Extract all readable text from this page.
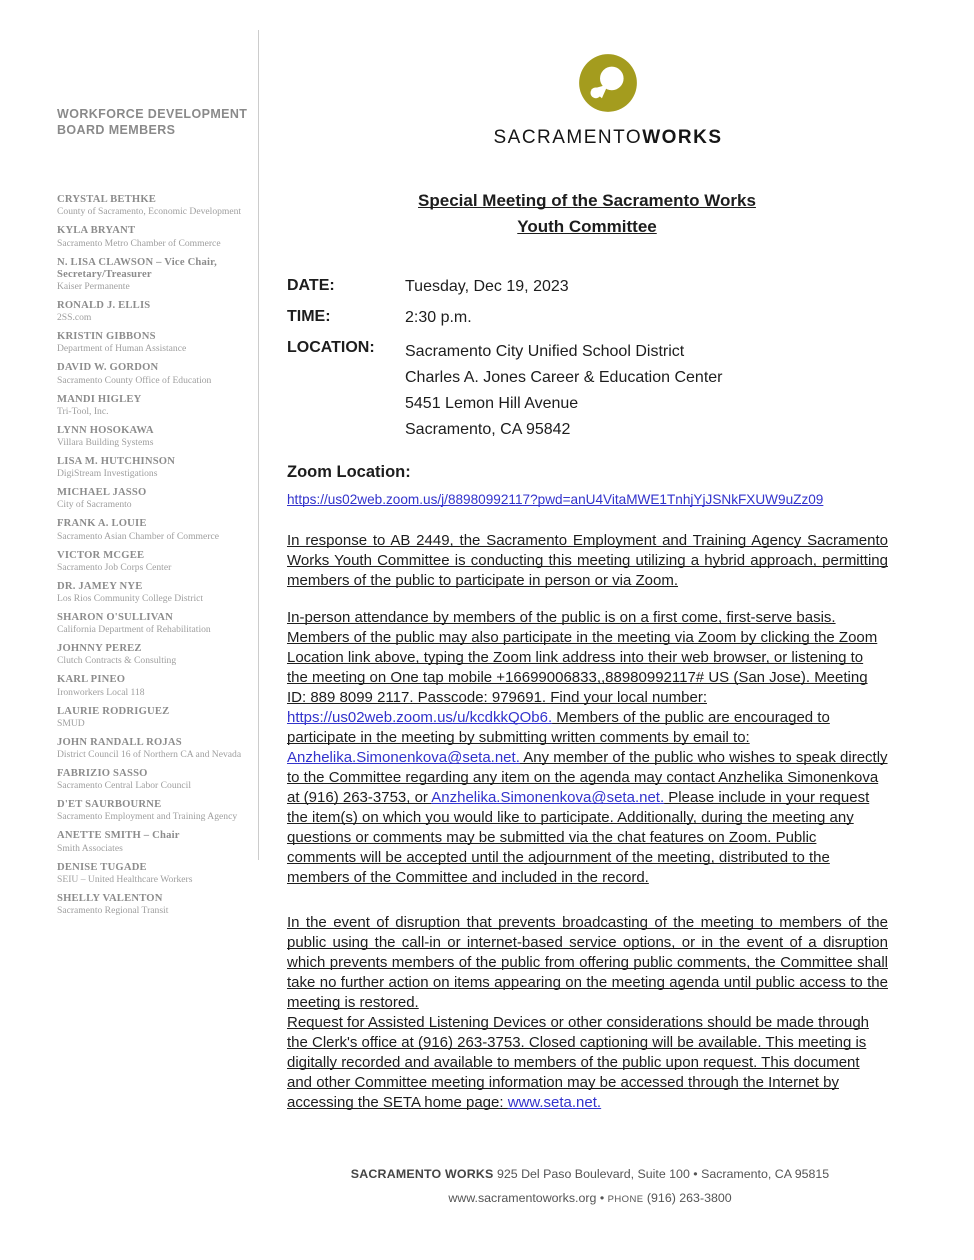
WORKFORCE DEVELOPMENT
BOARD MEMBERS
CRYSTAL BETHKE
County of Sacramento, Economic Development
KYLA BRYANT
Sacramento Metro Chamber of Commerce
N. LISA CLAWSON – Vice Chair, Secretary/Treasurer
Kaiser Permanente
RONALD J. ELLIS
2SS.com
KRISTIN GIBBONS
Department of Human Assistance
DAVID W. GORDON
Sacramento County Office of Education
MANDI HIGLEY
Tri-Tool, Inc.
LYNN HOSOKAWA
Villara Building Systems
LISA M. HUTCHINSON
DigiStream Investigations
MICHAEL JASSO
City of Sacramento
FRANK A. LOUIE
Sacramento Asian Chamber of Commerce
VICTOR MCGEE
Sacramento Job Corps Center
DR. JAMEY NYE
Los Rios Community College District
SHARON O'SULLIVAN
California Department of Rehabilitation
JOHNNY PEREZ
Clutch Contracts & Consulting
KARL PINEO
Ironworkers Local 118
LAURIE RODRIGUEZ
SMUD
JOHN RANDALL ROJAS
District Council 16 of Northern CA and Nevada
FABRIZIO SASSO
Sacramento Central Labor Council
D'ET SAURBOURNE
Sacramento Employment and Training Agency
ANETTE SMITH – Chair
Smith Associates
DENISE TUGADE
SEIU – United Healthcare Workers
SHELLY VALENTON
Sacramento Regional Transit
SACRAMENTOWORKS
Special Meeting of the Sacramento Works
Youth Committee
DATE:	Tuesday, Dec 19, 2023
TIME:	2:30 p.m.
LOCATION:	Sacramento City Unified School District
Charles A. Jones Career & Education Center
5451 Lemon Hill Avenue
Sacramento, CA 95842
Zoom Location:
https://us02web.zoom.us/j/88980992117?pwd=anU4VitaMWE1TnhjYjJSNkFXUW9uZz09
In response to AB 2449, the Sacramento Employment and Training Agency Sacramento Works Youth Committee is conducting this meeting utilizing a hybrid approach, permitting members of the public to participate in person or via Zoom.
In-person attendance by members of the public is on a first come, first-serve basis. Members of the public may also participate in the meeting via Zoom by clicking the Zoom Location link above, typing the Zoom link address into their web browser, or listening to the meeting on One tap mobile +16699006833,,88980992117# US (San Jose). Meeting ID: 889 8099 2117. Passcode: 979691. Find your local number: https://us02web.zoom.us/u/kcdkkQOb6. Members of the public are encouraged to participate in the meeting by submitting written comments by email to: Anzhelika.Simonenkova@seta.net. Any member of the public who wishes to speak directly to the Committee regarding any item on the agenda may contact Anzhelika Simonenkova at (916) 263-3753, or Anzhelika.Simonenkova@seta.net. Please include in your request the item(s) on which you would like to participate. Additionally, during the meeting any questions or comments may be submitted via the chat features on Zoom. Public comments will be accepted until the adjournment of the meeting, distributed to the members of the Committee and included in the record.
In the event of disruption that prevents broadcasting of the meeting to members of the public using the call-in or internet-based service options, or in the event of a disruption which prevents members of the public from offering public comments, the Committee shall take no further action on items appearing on the meeting agenda until public access to the meeting is restored.
Request for Assisted Listening Devices or other considerations should be made through the Clerk's office at (916) 263-3753. Closed captioning will be available. This meeting is digitally recorded and available to members of the public upon request. This document and other Committee meeting information may be accessed through the Internet by accessing the SETA home page: www.seta.net.
SACRAMENTO WORKS 925 Del Paso Boulevard, Suite 100 • Sacramento, CA 95815
www.sacramentoworks.org • PHONE (916) 263-3800
